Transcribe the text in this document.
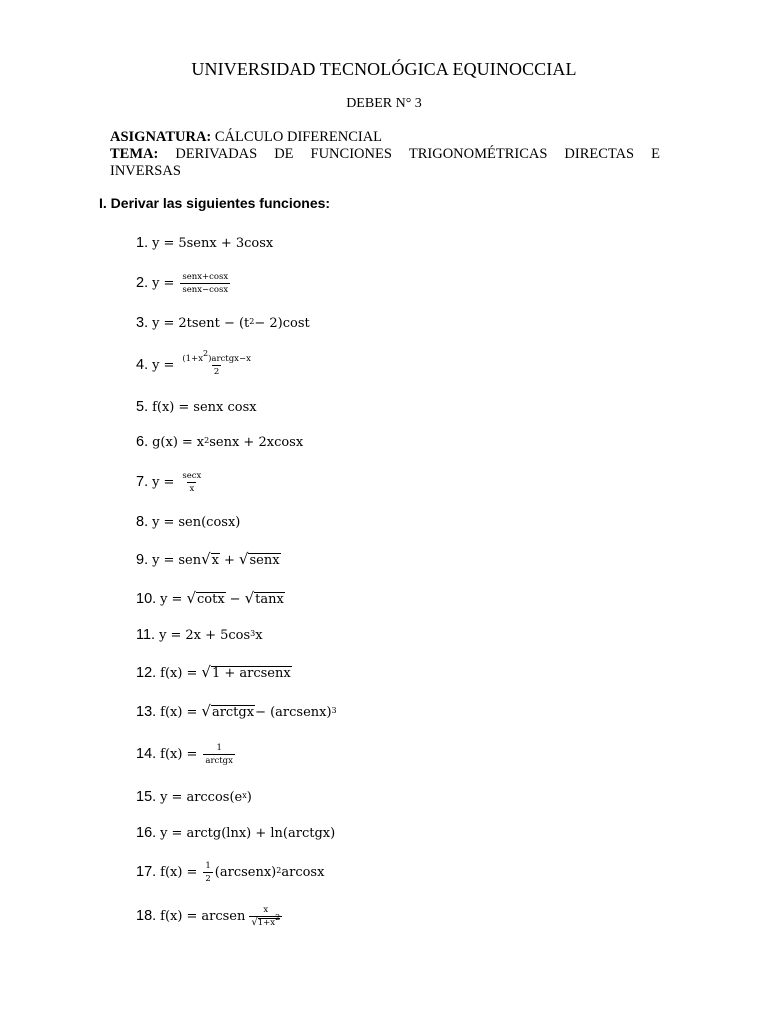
UNIVERSIDAD TECNOLÓGICA EQUINOCCIAL
DEBER N° 3
ASIGNATURA: CÁLCULO DIFERENCIAL
TEMA: DERIVADAS DE FUNCIONES TRIGONOMÉTRICAS DIRECTAS E
INVERSAS
I. Derivar las siguientes funciones:
1. y = 5senx + 3cosx
2. $y = \frac{\text{senx+cosx}}{\text{senx−cosx}}$
3. y = 2tsent − $(t^2 - 2)\cos t$
4. $y = \frac{(1+x^2)arctgx-x}{2}$
5. f(x) = senx cosx
6. $g(x) = x^2$ senx + 2xcosx
7. $y = \frac{\sec x}{x}$
8. y = sen(cosx)
9. y = sen √ x + √ senx
10. y = √ cotx − √ tanx
11. $y = 2x + 5\cos^3$ x
12. f(x) = √ 1 + arcsenx
13. f(x) = √ arctgx − (arcsenx)$^3$
14. $f(x) = \frac{1}{\text{arctgx}}$
15. $y = \arccos(e^x$ )
16. y = arctg(lnx) + ln(arctgx)
17. $f(x) = \frac{1}{2}$ (arcsenx)$^2$ arcosx
18. f(x) = arcsen $\frac{x}{√ 1+x^2}$
